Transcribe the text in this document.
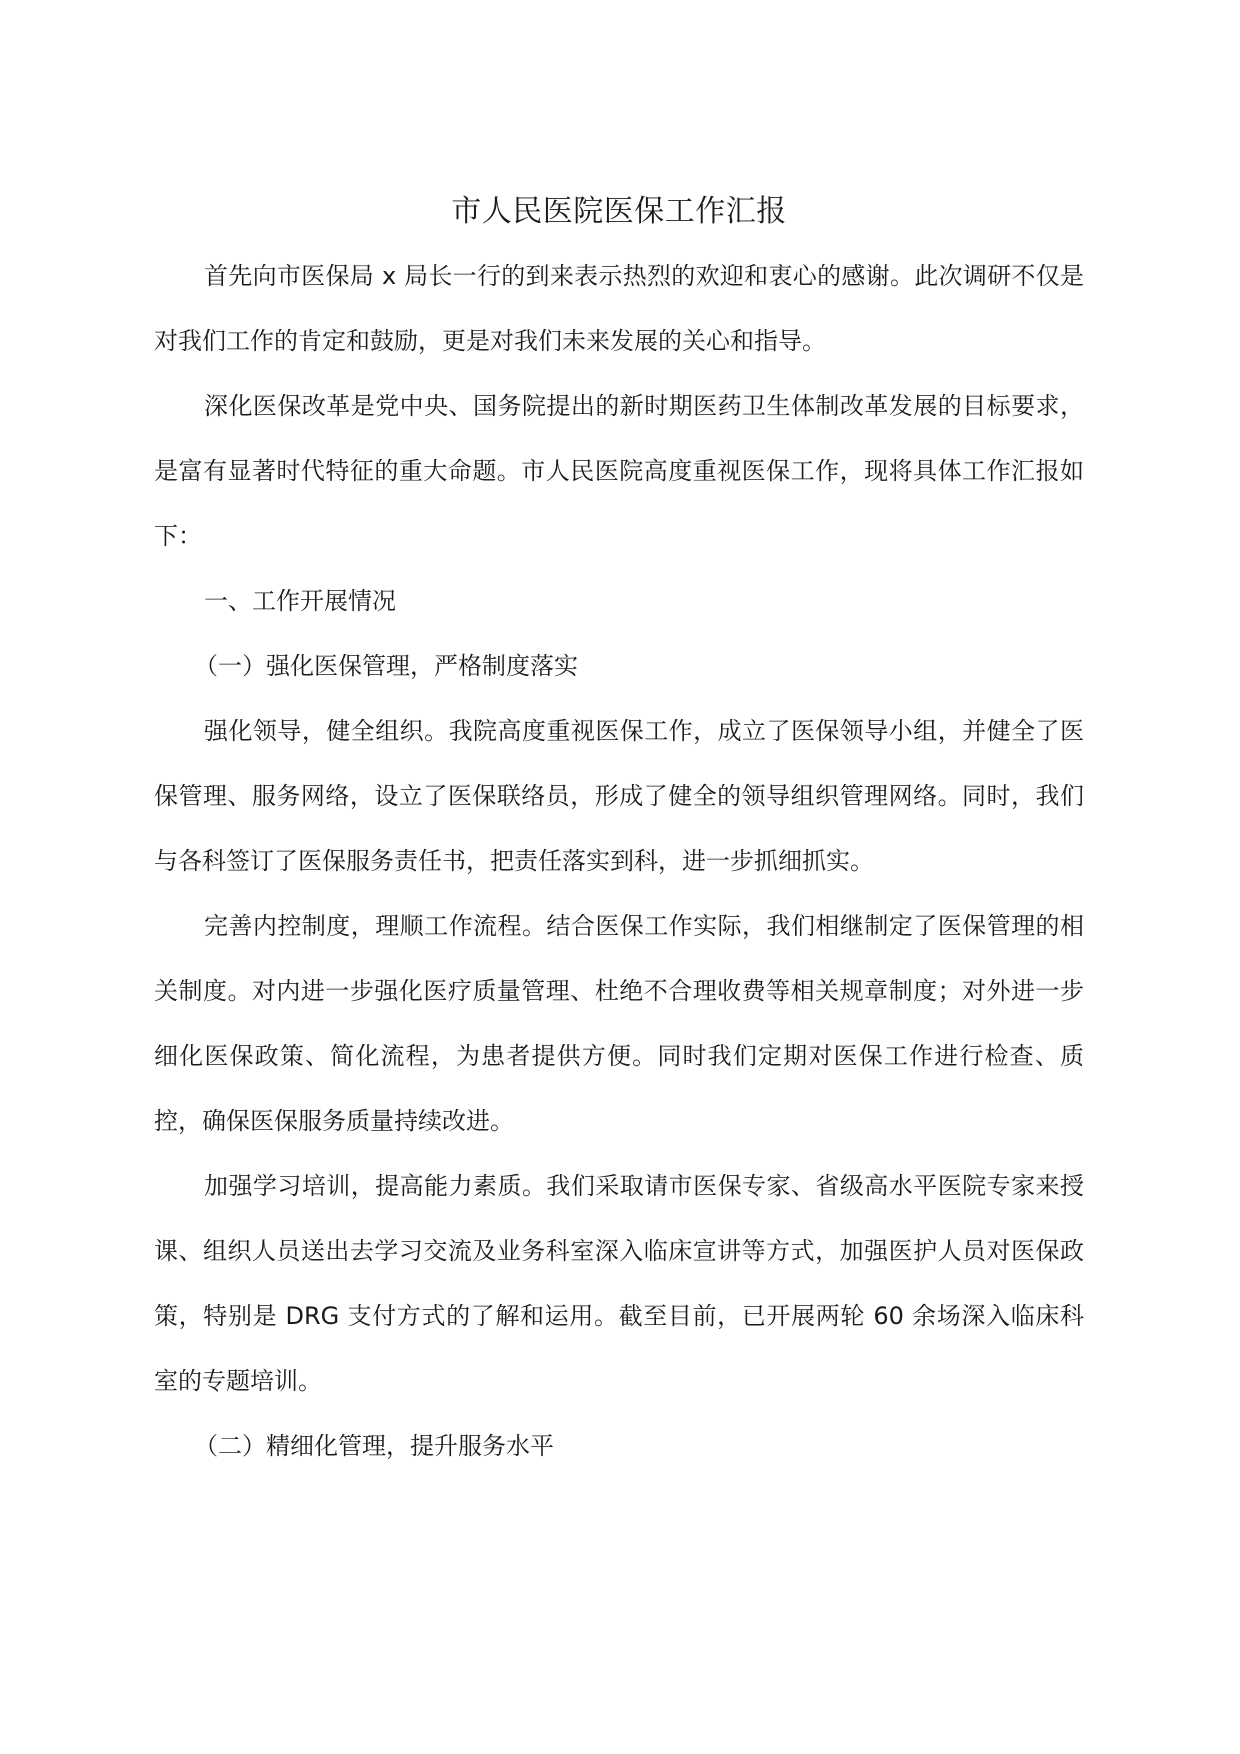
市人民医院医保工作汇报

首先向市医保局 x 局长一行的到来表示热烈的欢迎和衷心的感谢。此次调研不仅是对我们工作的肯定和鼓励，更是对我们未来发展的关心和指导。

深化医保改革是党中央、国务院提出的新时期医药卫生体制改革发展的目标要求，是富有显著时代特征的重大命题。市人民医院高度重视医保工作，现将具体工作汇报如下：

一、工作开展情况

（一）强化医保管理，严格制度落实

强化领导，健全组织。我院高度重视医保工作，成立了医保领导小组，并健全了医保管理、服务网络，设立了医保联络员，形成了健全的领导组织管理网络。同时，我们与各科签订了医保服务责任书，把责任落实到科，进一步抓细抓实。

完善内控制度，理顺工作流程。结合医保工作实际，我们相继制定了医保管理的相关制度。对内进一步强化医疗质量管理、杜绝不合理收费等相关规章制度；对外进一步细化医保政策、简化流程，为患者提供方便。同时我们定期对医保工作进行检查、质控，确保医保服务质量持续改进。

加强学习培训，提高能力素质。我们采取请市医保专家、省级高水平医院专家来授课、组织人员送出去学习交流及业务科室深入临床宣讲等方式，加强医护人员对医保政策，特别是 DRG 支付方式的了解和运用。截至目前，已开展两轮 60 余场深入临床科室的专题培训。

（二）精细化管理，提升服务水平
